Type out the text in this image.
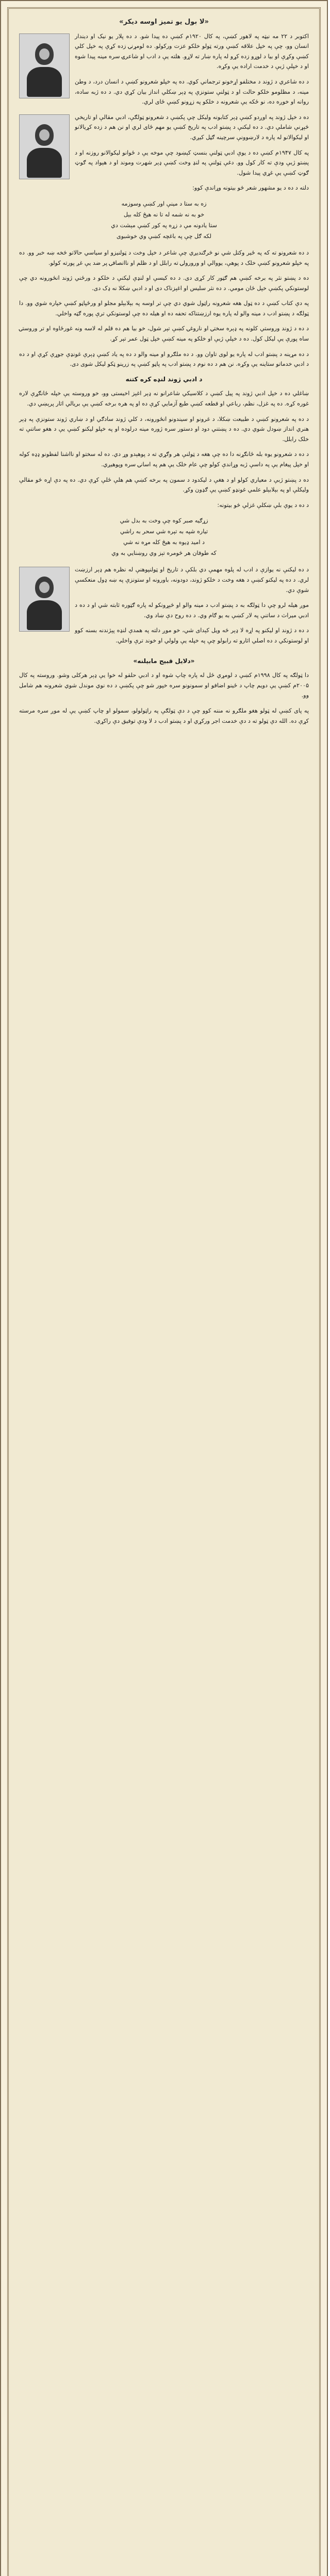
«لا بول یو تمیز اوسه دیکر»

اکتوبر د ۲۲ مه نیټه په لاهور کښې، په کال ۱۹۲۰م کښې ده پیدا شو. د ده پلار یو نیک او دیندار انسان وو، چې په خپل علاقه کښې ورته ټولو خلکو عزت ورکولو. ده لومړنۍ زده کړې په خپل کلي کښې وکړې او بیا د لوړو زده کړو له پاره ښار ته لاړو. هلته یې د ادب او شاعرۍ سره مینه پیدا شوه او د خپلې ژبې د خدمت اراده یې وکړه.

د ده شاعري د ژوند د مختلفو اړخونو ترجماني کوي. ده په خپلو شعرونو کښې د انسان درد، د وطن مینه، د مظلومو خلکو حالت او د ټولنې ستونزې په ډېر ښکلي انداز بیان کړي دي. د ده ژبه ساده، روانه او خوږه ده، نو ځکه یې شعرونه د خلکو په زړونو کښې ځای لري.

ده د خپل ژوند په اوږدو کښې ډېر کتابونه ولیکل چې پکښې د شعرونو ټولګې، ادبي مقالې او تاریخي څېړنې شاملې دي. د ده لیکنې د پښتو ادب په تاریخ کښې یو مهم ځای لري او نن هم د زده کړیالانو او لیکوالانو له پاره د لارښوونې سرچینه ګڼل کیږي.

په کال ۱۹۴۷م کښې ده د یوې ادبي ټولنې بنسټ کېښود چې موخه یې د ځوانو لیکوالانو روزنه او د پښتو ژبې ودې ته کار کول وو. دغې ټولنې په لنډ وخت کښې ډېر شهرت وموند او د هېواد په ګوټ ګوټ کښې یې غړي پیدا شول.

دلته د ده د یو مشهور شعر څو بیتونه وړاندې کوو:

زه به ستا د مینې اور کښې وسوزمه
خو به نه شمه له تا نه هیڅ کله بېل
ستا یادونه مې د زړه په کور کښې مېشت دي
لکه ګل چې په باغچه کښې وي خوشبوی

د ده شعرونو ته که په ځیر وکتل شي نو څرګندیږي چې شاعر د خپل وخت د ټولنیزو او سیاسي حالاتو څخه ښه خبر وو. ده په خپلو شعرونو کښې خلک د پوهې، یووالي او ورورولۍ ته رابلل او د ظلم او ناانصافۍ پر ضد یې غږ پورته کولو.

ده د پښتو نثر په برخه کښې هم ګټور کار کړی دی. د ده کیسې او لنډې لیکنې د خلکو د ورځني ژوند انځورونه دي چې لوستونکي پکښې خپل ځان مومي. د ده نثر سلیس او اغېزناک دی او د ادبي ښکلا نه ډک دی.

په دې کتاب کښې د ده ټول هغه شعرونه راټول شوي دي چې تر اوسه په بېلابېلو مجلو او ورځپاڼو کښې خپاره شوي وو. دا ټولګه د پښتو ادب د مینه والو له پاره یوه ارزښتناکه تحفه ده او هیله ده چې لوستونکي ترې پوره ګټه واخلي.

د ده د ژوند وروستي کلونه په ډېره سختۍ او ناروغۍ کښې تېر شول، خو بیا هم ده قلم له لاسه ونه غورځاوه او تر وروستۍ ساه پورې یې لیکل کول. ده د خپلې ژبې او خلکو په مینه کښې خپل ټول عمر تېر کړ.

د ده مړینه د پښتو ادب له پاره یو لوی تاوان وو. د ده ملګرو او مینه والو د ده په یاد کښې ډېرې غونډې جوړې کړې او د ده د ادبي خدماتو ستاینه یې وکړه. نن هم د ده نوم د پښتو ادب په پاڼو کښې په زرینو ټکو لیکل شوی دی.

د ادبي ژوند لنډه کره کتنه

ښاغلي ده د خپل ادبي ژوند په پیل کښې د کلاسیکي شاعرانو نه ډېر اغېز اخیستی وو، خو وروسته یې خپله ځانګړې لاره غوره کړه. ده په غزل، نظم، رباعي او قطعه کښې طبع آزمایي کړې ده او په هره برخه کښې یې بریالي اثار پرېښي دي.

د ده په شعرونو کښې د طبیعت ښکلا، د غرونو او سیندونو انځورونه، د کلي ژوند سادګي او د ښاري ژوند ستونزې په ډېر هنري انداز ښودل شوي دي. ده د پښتني دود او دستور سره ژوره مینه درلوده او په خپلو لیکنو کښې یې د هغو ساتنې ته خلک رابلل.

د ده د شعرونو یوه بله ځانګړنه دا ده چې هغه د ټولنې هر وګړي ته د پوهېدو وړ دي. ده له سختو او نااشنا لفظونو ډډه کوله او خپل پیغام یې په داسې ژبه وړاندې کولو چې عام خلک یې هم په اسانۍ سره وپوهیږي.

ده د پښتو ژبې د معیاري کولو او د هغې د لیکدود د سمون په برخه کښې هم هلې ځلې کړې دي. ده په دې اړه څو مقالې ولیکلې او په بېلابېلو علمي غونډو کښې یې ګډون وکړ.

د ده د یوې بلې ښکلې غزلې څو بیتونه:

زړګیه صبر کوه چې وخت به بدل شي
تیاره شپه به تېره شي سحر به راشي
د امید ډیوه به هیڅ کله مړه نه شي
که طوفان هر څومره تېز وي روښنایي به وي

د ده لیکنې نه یوازې د ادب له پلوه مهمې دي بلکې د تاریخ او ټولنپوهنې له نظره هم ډېر ارزښت لري. د ده په لیکنو کښې د هغه وخت د خلکو ژوند، دودونه، باورونه او ستونزې په ښه ډول منعکسې شوې دي.

موږ هیله لرو چې دا ټولګه به د پښتو ادب د مینه والو او څېړونکو له پاره ګټوره ثابته شي او د ده د ادبي میراث د ساتنې په لار کښې به یو ګام وي. د ده روح دې ښاد وي.

د ده د ژوند او لیکنو په اړه لا ډېر څه ویل کېدای شي، خو موږ دلته په همدې لنډه پېژندنه بسنه کوو او لوستونکي د ده اصلي اثارو ته رابولو چې په خپله یې ولولي او خوند ترې واخلي.

«دلایل قبیح مابیلنه»

دا ټولګه په کال ۱۹۹۸م کښې د لومړي ځل له پاره چاپ شوه او د ادبي حلقو له خوا یې ډېر هرکلی وشو. وروسته په کال ۲۰۰۵م کښې یې دویم چاپ د ځینو اضافو او سمونونو سره خپور شو چې پکښې د ده نوي موندل شوي شعرونه هم شامل وو.

په پای کښې له ټولو هغو ملګرو نه مننه کوو چې د دې ټولګې په راټولولو، سمولو او چاپ کښې یې له موږ سره مرسته کړې ده. الله دې ټولو ته د دې خدمت اجر ورکړي او د پښتو ادب د لا ودې توفیق دې راکړي.
